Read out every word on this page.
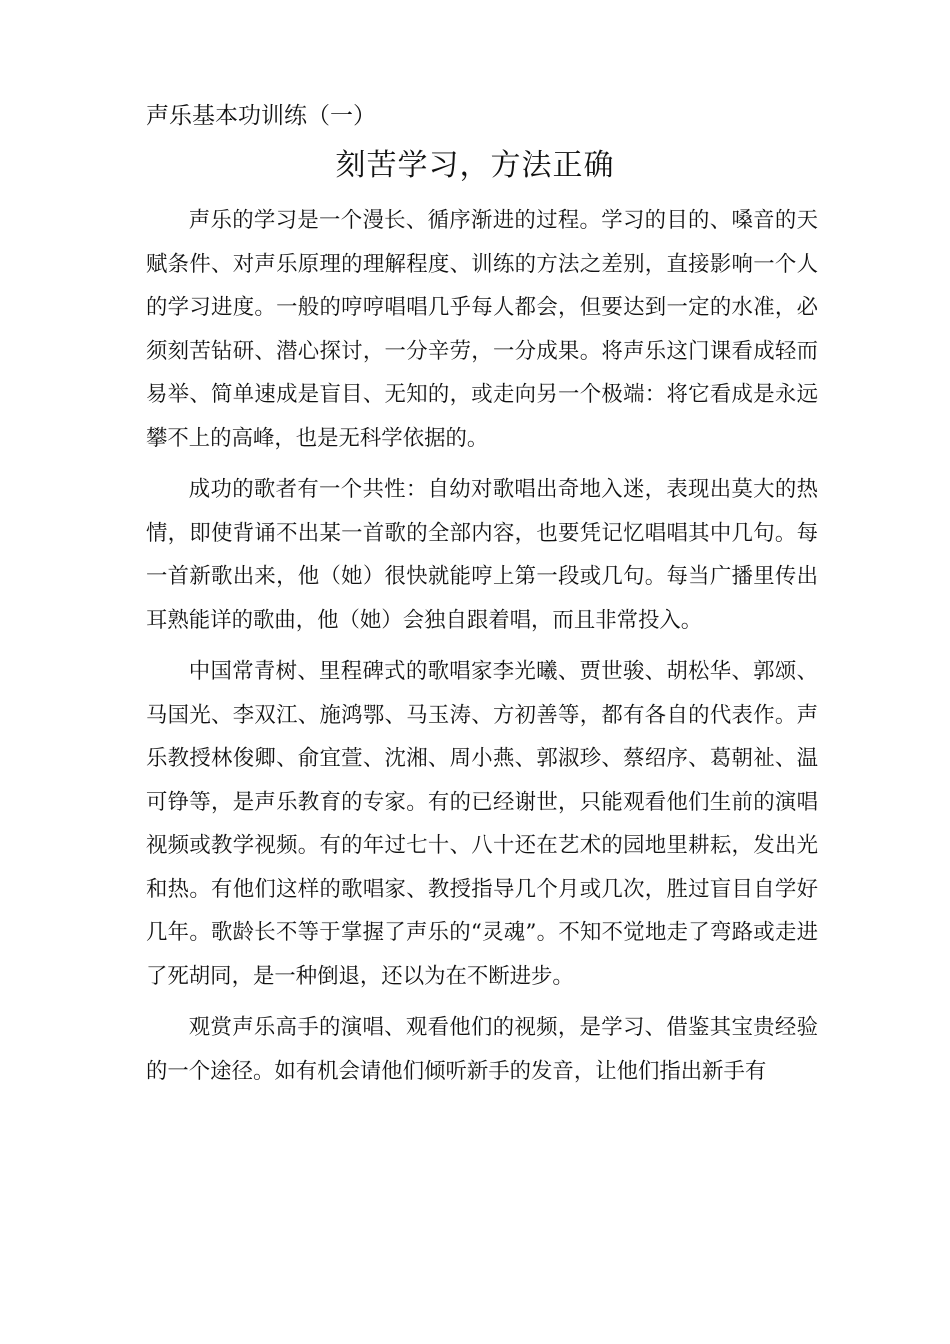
声乐基本功训练（一）
刻苦学习，方法正确

声乐的学习是一个漫长、循序渐进的过程。学习的目的、嗓音的天赋条件、对声乐原理的理解程度、训练的方法之差别，直接影响一个人的学习进度。一般的哼哼唱唱几乎每人都会，但要达到一定的水准，必须刻苦钻研、潜心探讨，一分辛劳，一分成果。将声乐这门课看成轻而易举、简单速成是盲目、无知的，或走向另一个极端：将它看成是永远攀不上的高峰，也是无科学依据的。

成功的歌者有一个共性：自幼对歌唱出奇地入迷，表现出莫大的热情，即使背诵不出某一首歌的全部内容，也要凭记忆唱唱其中几句。每一首新歌出来，他（她）很快就能哼上第一段或几句。每当广播里传出耳熟能详的歌曲，他（她）会独自跟着唱，而且非常投入。

中国常青树、里程碑式的歌唱家李光曦、贾世骏、胡松华、郭颂、马国光、李双江、施鸿鄂、马玉涛、方初善等，都有各自的代表作。声乐教授林俊卿、俞宜萱、沈湘、周小燕、郭淑珍、蔡绍序、葛朝祉、温可铮等，是声乐教育的专家。有的已经谢世，只能观看他们生前的演唱视频或教学视频。有的年过七十、八十还在艺术的园地里耕耘，发出光和热。有他们这样的歌唱家、教授指导几个月或几次，胜过盲目自学好几年。歌龄长不等于掌握了声乐的“灵魂”。不知不觉地走了弯路或走进了死胡同，是一种倒退，还以为在不断进步。

观赏声乐高手的演唱、观看他们的视频，是学习、借鉴其宝贵经验的一个途径。如有机会请他们倾听新手的发音，让他们指出新手有
